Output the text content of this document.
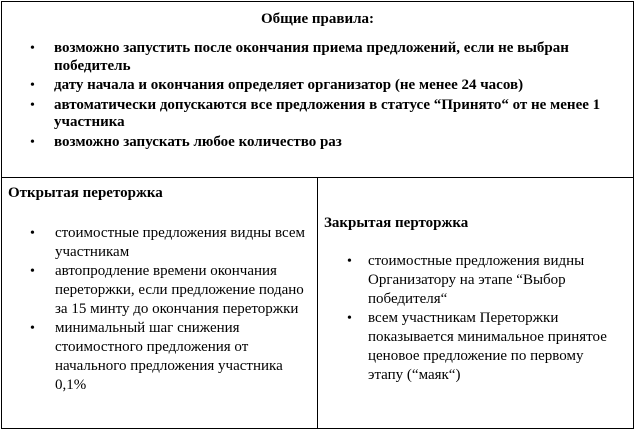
Общие правила:
• возможно запустить после окончания приема предложений, если не выбран победитель
• дату начала и окончания определяет организатор (не менее 24 часов)
• автоматически допускаются все предложения в статусе “Принято“ от не менее 1 участника
• возможно запускать любое количество раз

Открытая переторжка
• стоимостные предложения видны всем участникам
• автопродление времени окончания переторжки, если предложение подано за 15 минту до окончания переторжки
• минимальный шаг снижения стоимостного предложения от начального предложения участника 0,1%

Закрытая перторжка
• стоимостные предложения видны Организатору на этапе “Выбор победителя“
• всем участникам Переторжки показывается минимальное принятое ценовое предложение по первому этапу (“маяк“)
